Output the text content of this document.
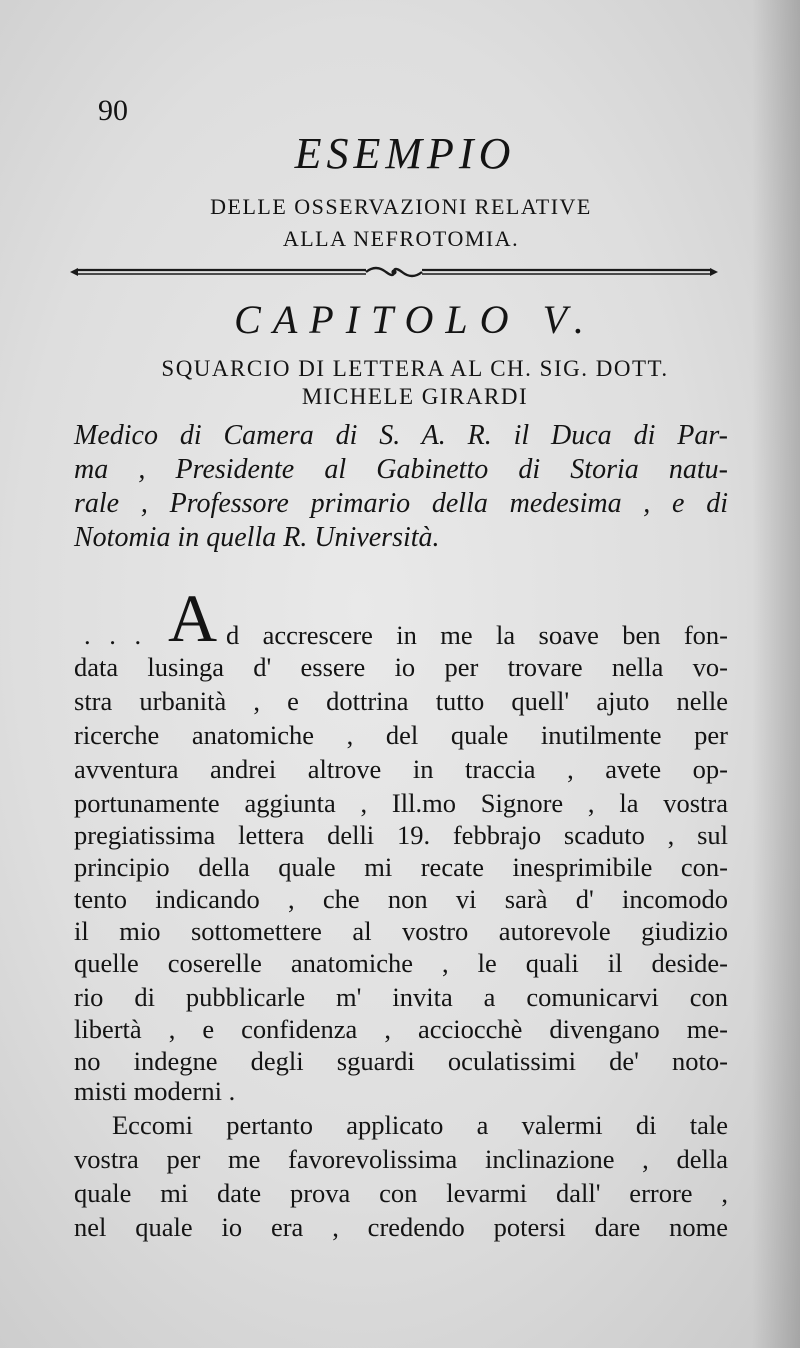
90
ESEMPIO
DELLE OSSERVAZIONI RELATIVE
ALLA NEFROTOMIA.
CAPITOLO V.
SQUARCIO DI LETTERA AL CH. SIG. DOTT.
MICHELE GIRARDI
Medico di Camera di S. A. R. il Duca di Par-
ma , Presidente al Gabinetto di Storia natu-
rale , Professore primario della medesima , e di
Notomia in quella R. Università.
. . . A d accrescere in me la soave ben fon-
data lusinga d' essere io per trovare nella vo-
stra urbanità , e dottrina tutto quell' ajuto nelle
ricerche anatomiche , del quale inutilmente per
avventura andrei altrove in traccia , avete op-
portunamente aggiunta , Ill.mo Signore , la vostra
pregiatissima lettera delli 19. febbrajo scaduto , sul
principio della quale mi recate inesprimibile con-
tento indicando , che non vi sarà d' incomodo
il mio sottomettere al vostro autorevole giudizio
quelle coserelle anatomiche , le quali il deside-
rio di pubblicarle m' invita a comunicarvi con
libertà , e confidenza , acciocchè divengano me-
no indegne degli sguardi oculatissimi de' noto-
misti moderni .
Eccomi pertanto applicato a valermi di tale
vostra per me favorevolissima inclinazione , della
quale mi date prova con levarmi dall' errore ,
nel quale io era , credendo potersi dare nome
